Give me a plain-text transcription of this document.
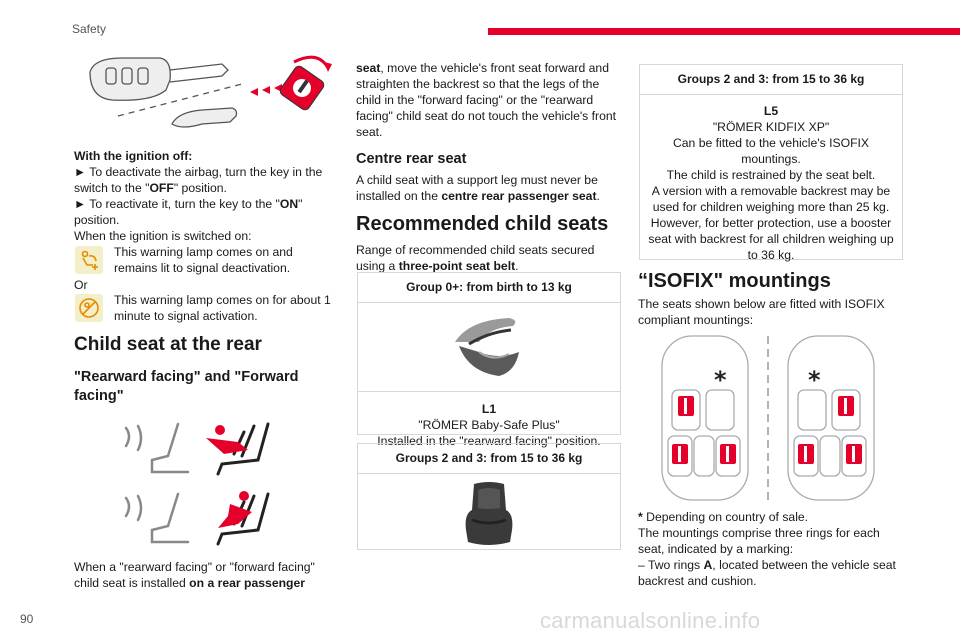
Safety

With the ignition off:

► To deactivate the airbag, turn the key in the switch to the "OFF" position.

► To reactivate it, turn the key to the "ON" position.

When the ignition is switched on:

This warning lamp comes on and remains lit to signal deactivation.
Or
This warning lamp comes on for about 1 minute to signal activation.
Child seat at the rear
"Rearward facing" and "Forward facing"
When a "rearward facing" or "forward facing" child seat is installed on a rear passenger
seat, move the vehicle's front seat forward and straighten the backrest so that the legs of the child in the "forward facing" or the "rearward facing" child seat do not touch the vehicle's front seat.
Centre rear seat
A child seat with a support leg must never be installed on the centre rear passenger seat.
Recommended child seats
Range of recommended child seats secured using a three-point seat belt.
Group 0+: from birth to 13 kg

L1

"RÖMER Baby-Safe Plus"

Installed in the "rearward facing" position.

Groups 2 and 3: from 15 to 36 kg
Groups 2 and 3: from 15 to 36 kg

L5

"RÖMER KIDFIX XP"

Can be fitted to the vehicle's ISOFIX mountings.

The child is restrained by the seat belt.

A version with a removable backrest may be used for children weighing more than 25 kg.

However, for better protection, use a booster seat with backrest for all children weighing up to 36 kg.

“ISOFIX" mountings
The seats shown below are fitted with ISOFIX compliant mountings:
*	*

* Depending on country of sale.

The mountings comprise three rings for each seat, indicated by a marking:

– Two rings A, located between the vehicle seat backrest and cushion.

90	carmanualsonline.info
